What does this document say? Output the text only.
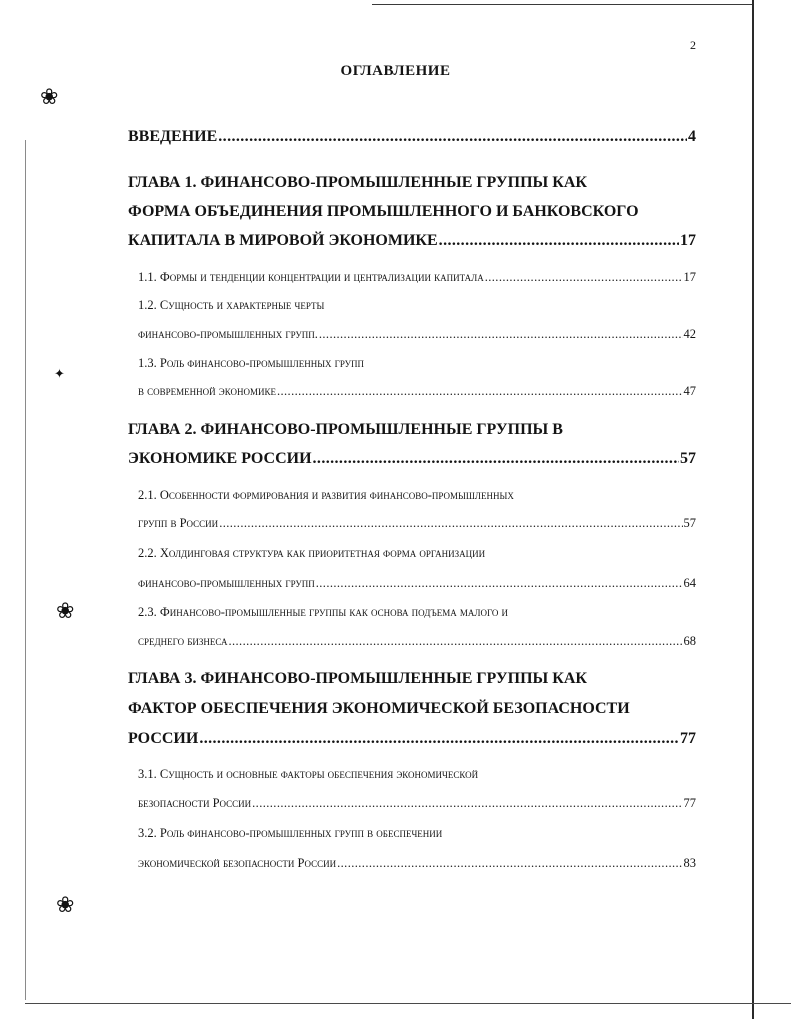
❀
✦
❀
❀
2
ОГЛАВЛЕНИЕ
ВВЕДЕНИЕ .....	4
ГЛАВА 1. ФИНАНСОВО-ПРОМЫШЛЕННЫЕ ГРУППЫ КАК
ФОРМА ОБЪЕДИНЕНИЯ ПРОМЫШЛЕННОГО И БАНКОВСКОГО
КАПИТАЛА В МИРОВОЙ ЭКОНОМИКЕ .....	17
1.1. Формы и тенденции концентрации и централизации капитала .....	17
1.2. Сущность и характерные черты
финансово-промышленных групп. .....	42
1.3. Роль финансово-промышленных групп
в современной экономике .....	47
ГЛАВА 2. ФИНАНСОВО-ПРОМЫШЛЕННЫЕ ГРУППЫ В
ЭКОНОМИКЕ РОССИИ .....	57
2.1. Особенности формирования и развития финансово-промышленных
групп в России .....	57
2.2. Холдинговая структура как приоритетная форма организации
финансово-промышленных групп .....	64
2.3. Финансово-промышленные группы как основа подъема малого и
среднего бизнеса .....	68
ГЛАВА 3. ФИНАНСОВО-ПРОМЫШЛЕННЫЕ ГРУППЫ КАК
ФАКТОР ОБЕСПЕЧЕНИЯ ЭКОНОМИЧЕСКОЙ БЕЗОПАСНОСТИ
РОССИИ .....	77
3.1. Сущность и основные факторы обеспечения экономической
безопасности России .....	77
3.2. Роль финансово-промышленных групп в обеспечении
экономической безопасности России .....	83
